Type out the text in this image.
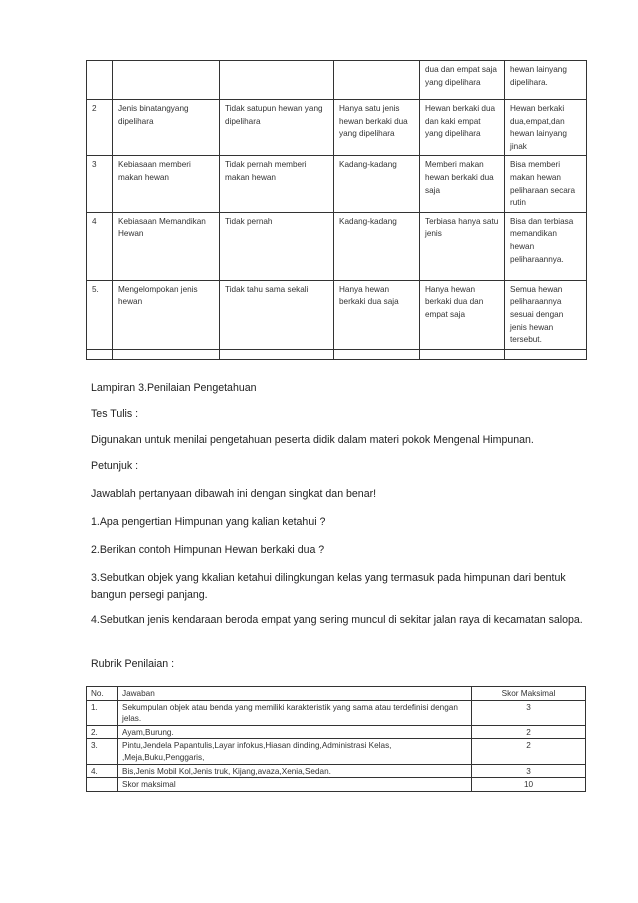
				dua dan empat saja yang dipelihara	hewan lainyang dipelihara.
2	Jenis binatangyang dipelihara	Tidak satupun hewan yang dipelihara	Hanya satu jenis hewan berkaki dua yang dipelihara	Hewan berkaki dua dan kaki empat yang dipelihara	Hewan berkaki dua,empat,dan hewan lainyang jinak
3	Kebiasaan memberi makan hewan	Tidak pernah memberi makan hewan	Kadang-kadang	Memberi makan hewan berkaki dua saja	Bisa memberi makan hewan peliharaan secara rutin
4	Kebiasaan Memandikan Hewan	Tidak pernah	Kadang-kadang	Terbiasa hanya satu jenis	Bisa dan terbiasa memandikan hewan peliharaannya.
5.	Mengelompokan jenis hewan	Tidak tahu sama sekali	Hanya hewan berkaki dua saja	Hanya hewan berkaki dua dan empat saja	Semua hewan peliharaannya sesuai dengan jenis hewan tersebut.

Lampiran 3.Penilaian Pengetahuan
Tes Tulis :
Digunakan untuk menilai pengetahuan peserta didik dalam materi pokok Mengenal Himpunan.
Petunjuk :
Jawablah pertanyaan dibawah ini dengan singkat dan benar!
1.Apa pengertian Himpunan yang kalian ketahui ?
2.Berikan contoh Himpunan Hewan berkaki dua ?
3.Sebutkan objek yang kkalian ketahui dilingkungan kelas yang termasuk pada himpunan dari bentuk bangun persegi panjang.
4.Sebutkan jenis kendaraan beroda empat yang sering muncul di sekitar jalan raya di kecamatan salopa.
Rubrik Penilaian :
No.	Jawaban	Skor Maksimal
1.	Sekumpulan objek atau benda yang memiliki karakteristik yang sama atau terdefinisi dengan jelas.	3
2.	Ayam,Burung.	2
3.	Pintu,Jendela Papantulis,Layar infokus,Hiasan dinding,Administrasi Kelas, ,Meja,Buku,Penggaris,	2
4.	Bis,Jenis Mobil Kol,Jenis truk, Kijang,avaza,Xenia,Sedan.	3
	Skor maksimal	10
